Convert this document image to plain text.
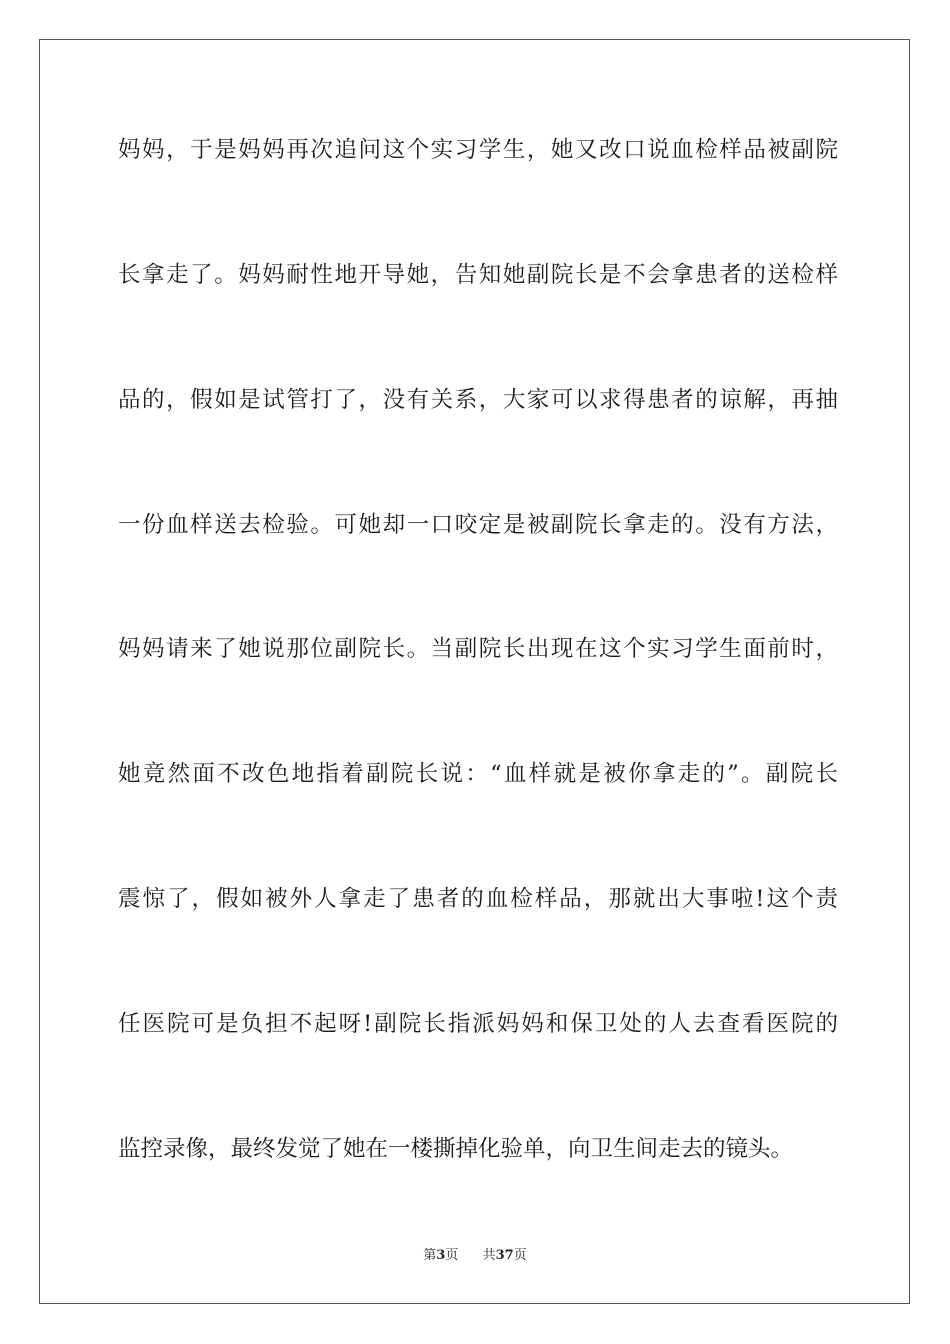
妈妈，于是妈妈再次追问这个实习学生，她又改口说血检样品被副院
长拿走了。妈妈耐性地开导她，告知她副院长是不会拿患者的送检样
品的，假如是试管打了，没有关系，大家可以求得患者的谅解，再抽
一份血样送去检验。可她却一口咬定是被副院长拿走的。没有方法，
妈妈请来了她说那位副院长。当副院长出现在这个实习学生面前时，
她竟然面不改色地指着副院长说：“血样就是被你拿走的”。副院长
震惊了，假如被外人拿走了患者的血检样品，那就出大事啦!这个责
任医院可是负担不起呀!副院长指派妈妈和保卫处的人去查看医院的
监控录像，最终发觉了她在一楼撕掉化验单，向卫生间走去的镜头。
第3页 共37页
